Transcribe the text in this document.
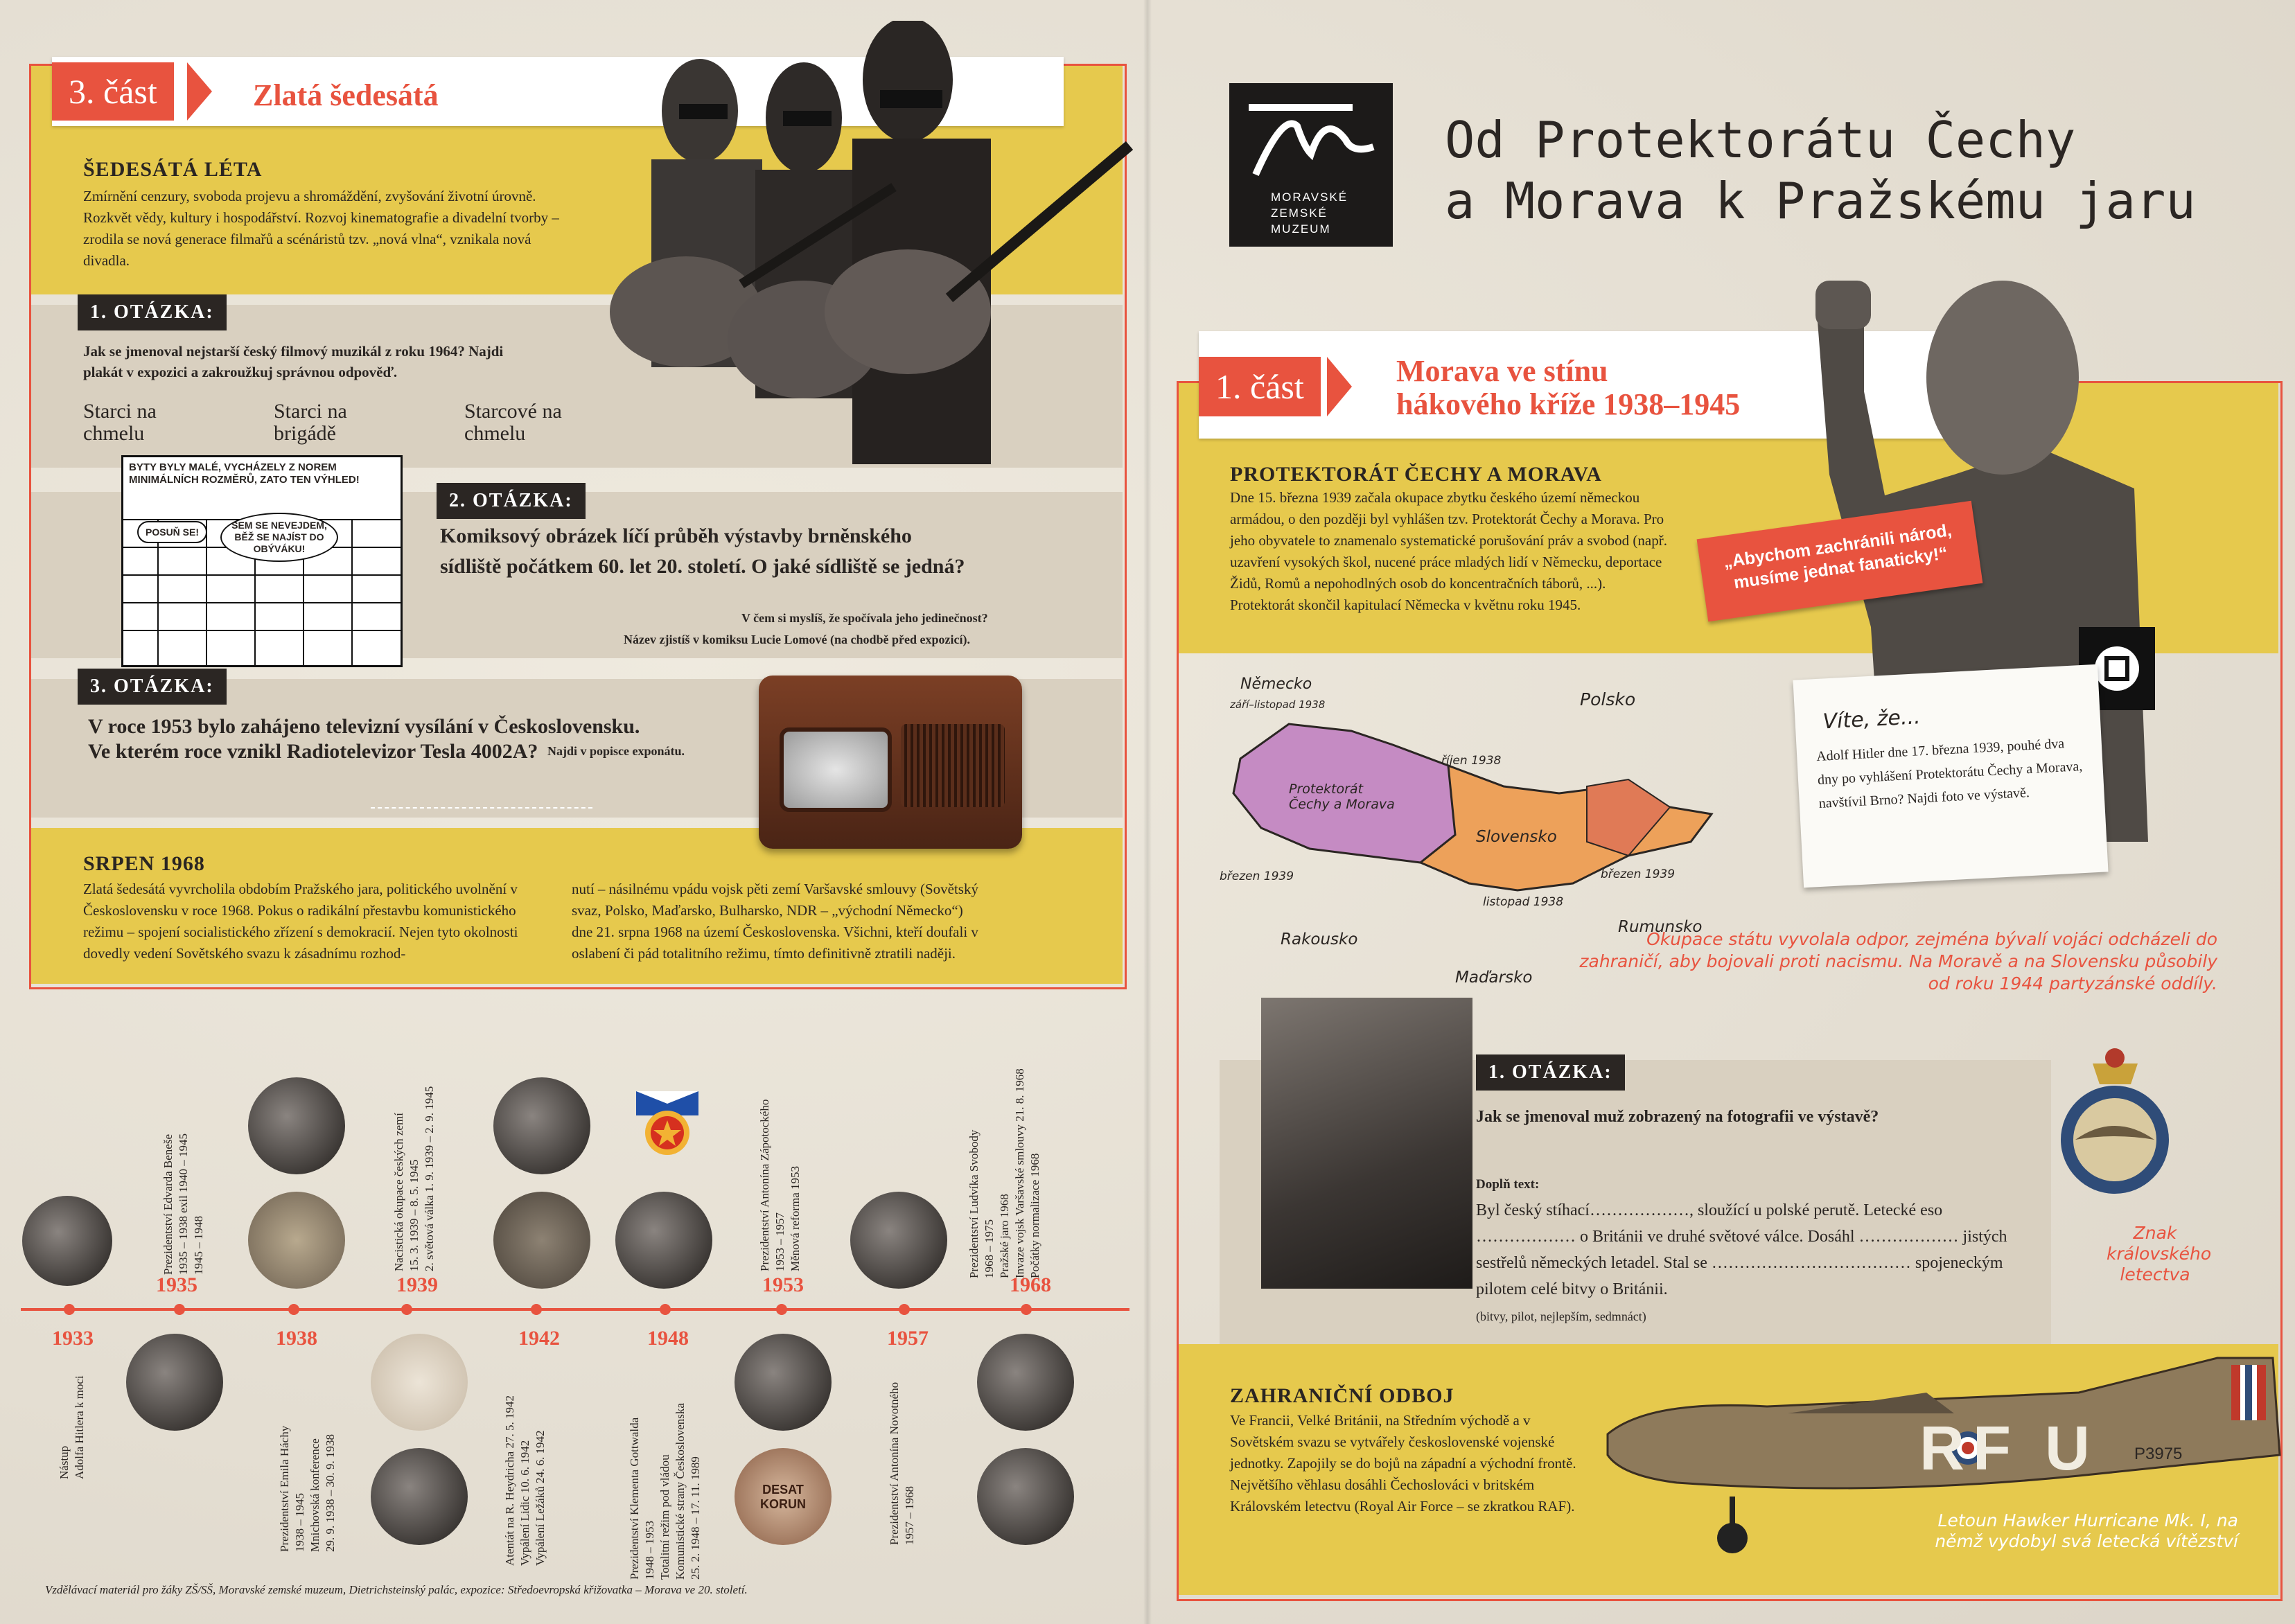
3. část	Zlatá šedesátá
ŠEDESÁTÁ LÉTA
Zmírnění cenzury, svoboda projevu a shromáždění, zvyšování životní úrovně. Rozkvět vědy, kultury i hospodářství. Rozvoj kinematografie a divadelní tvorby – zrodila se nová generace filmařů a scénáristů tzv. „nová vlna“, vznikala nová divadla.
1. OTÁZKA:
Jak se jmenoval nejstarší český filmový muzikál z roku 1964? Najdi plakát v expozici a zakroužkuj správnou odpověď.
Starci na chmelu
Starci na brigádě
Starcové na chmelu
BYTY BYLY MALÉ, VYCHÁZELY Z NOREM MINIMÁLNÍCH ROZMĚRŮ, ZATO TEN VÝHLED!
POSUŇ SE!
SEM SE NEVEJDEM, BĚŽ SE NAJÍST DO OBÝVÁKU!
2. OTÁZKA:
Komiksový obrázek líčí průběh výstavby brněnského sídliště počátkem 60. let 20. století. O jaké sídliště se jedná?
V čem si myslíš, že spočívala jeho jedinečnost?
Název zjistíš v komiksu Lucie Lomové (na chodbě před expozicí).
3. OTÁZKA:
V roce 1953 bylo zahájeno televizní vysílání v Československu.
Ve kterém roce vznikl Radiotelevizor Tesla 4002A? Najdi v popisce exponátu.
SRPEN 1968
Zlatá šedesátá vyvrcholila obdobím Pražského jara, politického uvolnění v Československu v roce 1968. Pokus o radikální přestavbu komunistického režimu – spojení socialistického zřízení s demokracií. Nejen tyto okolnosti dovedly vedení Sovětského svazu k zásadnímu rozhod-
nutí – násilnému vpádu vojsk pěti zemí Varšavské smlouvy (Sovětský svaz, Polsko, Maďarsko, Bulharsko, NDR – „východní Německo“) dne 21. srpna 1968 na území Československa. Všichni, kteří doufali v oslabení či pád totalitního režimu, tímto definitivně ztratili naději.
1933	1938	1942	1948	1957
1935	1939	1953	1968
DESAT KORUN
Prezidentství Edvarda Beneše
1935 – 1938 exil 1940 – 1945
1945 – 1948	Nacistická okupace českých zemí
15. 3. 1939 – 8. 5. 1945
2. světová válka 1. 9. 1939 – 2. 9. 1945
Prezidentství Antonína Zápotockého
1953 – 1957
Měnová reforma 1953
Prezidentství Ludvíka Svobody
1968 – 1975
Pražské jaro 1968
Invaze vojsk Varšavské smlouvy 21. 8. 1968
Počátky normalizace 1968
Nástup
Adolfa Hitlera k moci
Prezidentství Emila Háchy
1938 – 1945
Mnichovská konference
29. 9. 1938 – 30. 9. 1938
Atentát na R. Heydricha 27. 5. 1942
Vypálení Lidic 10. 6. 1942
Vypálení Ležáků 24. 6. 1942
Prezidentství Klementa Gottwalda
1948 – 1953
Totalitní režim pod vládou
Komunistické strany Československa
25. 2. 1948 – 17. 11. 1989
Prezidentství Antonína Novotného
1957 – 1968
Vzdělávací materiál pro žáky ZŠ/SŠ, Moravské zemské muzeum, Dietrichsteinský palác, expozice: Středoevropská křižovatka – Morava ve 20. století.
MORAVSKÉ
ZEMSKÉ
MUZEUM
Od Protektorátu Čechy
a Morava k Pražskému jaru
1. část	Morava ve stínu
hákového kříže 1938–1945
„Abychom zachránili národ, musíme jednat fanaticky!“
PROTEKTORÁT ČECHY A MORAVA
Dne 15. března 1939 začala okupace zbytku českého území německou armádou, o den později byl vyhlášen tzv. Protektorát Čechy a Morava. Pro jeho obyvatele to znamenalo systematické porušování práv a svobod (např. uzavření vysokých škol, nucené práce mladých lidí v Německu, deportace Židů, Romů a nepohodlných osob do koncentračních táborů, ...). Protektorát skončil kapitulací Německa v květnu roku 1945.
Německo
září–listopad 1938	Polsko
Protektorát Čechy a Morava
říjen 1938
Slovensko
březen 1939	březen 1939
listopad 1938
Rakousko
Rumunsko
Maďarsko
Víte, že...
Adolf Hitler dne 17. března 1939, pouhé dva dny po vyhlášení Protektorátu Čechy a Morava, navštívil Brno? Najdi foto ve výstavě.
Okupace státu vyvolala odpor, zejména bývalí vojáci odcházeli do zahraničí, aby bojovali proti nacismu. Na Moravě a na Slovensku působily od roku 1944 partyzánské oddíly.
1. OTÁZKA:
Jak se jmenoval muž zobrazený na fotografii ve výstavě?
Doplň text:
Byl český stíhací………………, sloužící u polské perutě. Letecké eso ……………… o Británii ve druhé světové válce. Dosáhl ……………… jistých sestřelů německých letadel. Stal se ……………………………… spojeneckým pilotem celé bitvy o Británii.
(bitvy, pilot, nejlepším, sedmnáct)
Znak královského letectva
ZAHRANIČNÍ ODBOJ
Ve Francii, Velké Británii, na Středním východě a v Sovětském svazu se vytvářely československé vojenské jednotky. Zapojily se do bojů na západní a východní frontě. Největšího věhlasu dosáhli Čechoslováci v britském Královském letectvu (Royal Air Force – se zkratkou RAF).
RF U P3975
Letoun Hawker Hurricane Mk. I, na němž vydobyl svá letecká vítězství
